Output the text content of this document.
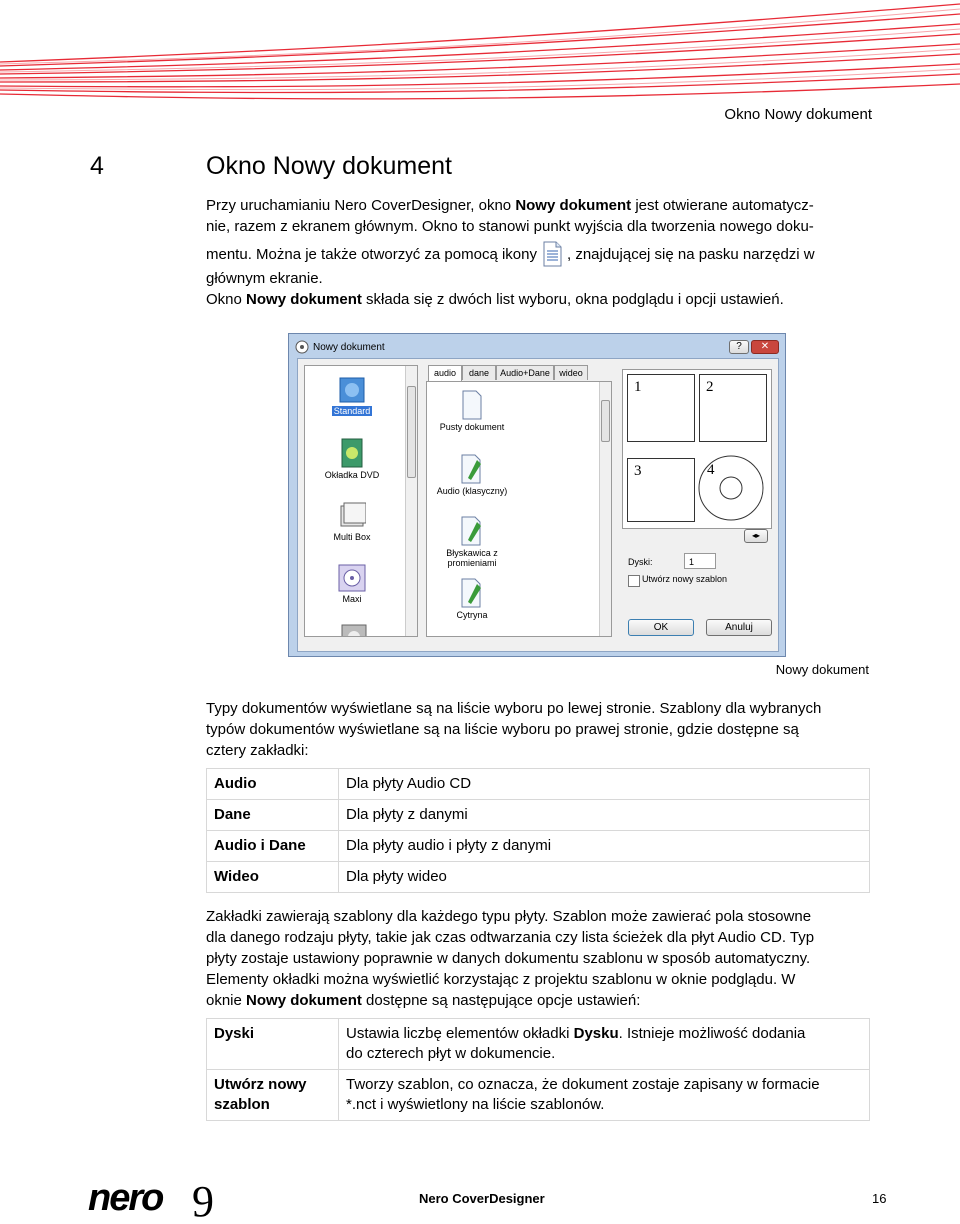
Okno Nowy dokument
4	Okno Nowy dokument

Przy uruchamianiu Nero CoverDesigner, okno Nowy dokument jest otwierane automatycz-

nie, razem z ekranem głównym. Okno to stanowi punkt wyjścia dla tworzenia nowego doku-

mentu. Można je także otworzyć za pomocą ikony , znajdującej się na pasku narzędzi w

głównym ekranie.

Okno Nowy dokument składa się z dwóch list wyboru, okna podglądu i opcji ustawień.

Nowy dokument	?	✕
Standard
Okładka DVD
Multi Box
Maxi
audio	dane	Audio+Dane	wideo
Pusty dokument
Audio (klasyczny)
Błyskawica z promieniami
Cytryna
1	2
3	4
◂▸
Dyski:	1
Utwórz nowy szablon
OK	Anuluj
Nowy dokument

Typy dokumentów wyświetlane są na liście wyboru po lewej stronie. Szablony dla wybranych

typów dokumentów wyświetlane są na liście wyboru po prawej stronie, gdzie dostępne są

cztery zakładki:

Audio	Dla płyty Audio CD
Dane	Dla płyty z danymi
Audio i Dane	Dla płyty audio i płyty z danymi
Wideo	Dla płyty wideo

Zakładki zawierają szablony dla każdego typu płyty. Szablon może zawierać pola stosowne

dla danego rodzaju płyty, takie jak czas odtwarzania czy lista ścieżek dla płyt Audio CD. Typ

płyty zostaje ustawiony poprawnie w danych dokumentu szablonu w sposób automatyczny.

Elementy okładki można wyświetlić korzystając z projektu szablonu w oknie podglądu. W

oknie Nowy dokument dostępne są następujące opcje ustawień:

Dyski	Ustawia liczbę elementów okładki Dysku. Istnieje możliwość dodania
do czterech płyt w dokumencie.
Utwórz nowy
szablon	Tworzy szablon, co oznacza, że dokument zostaje zapisany w formacie
*.nct i wyświetlony na liście szablonów.
nero 9	Nero CoverDesigner	16
